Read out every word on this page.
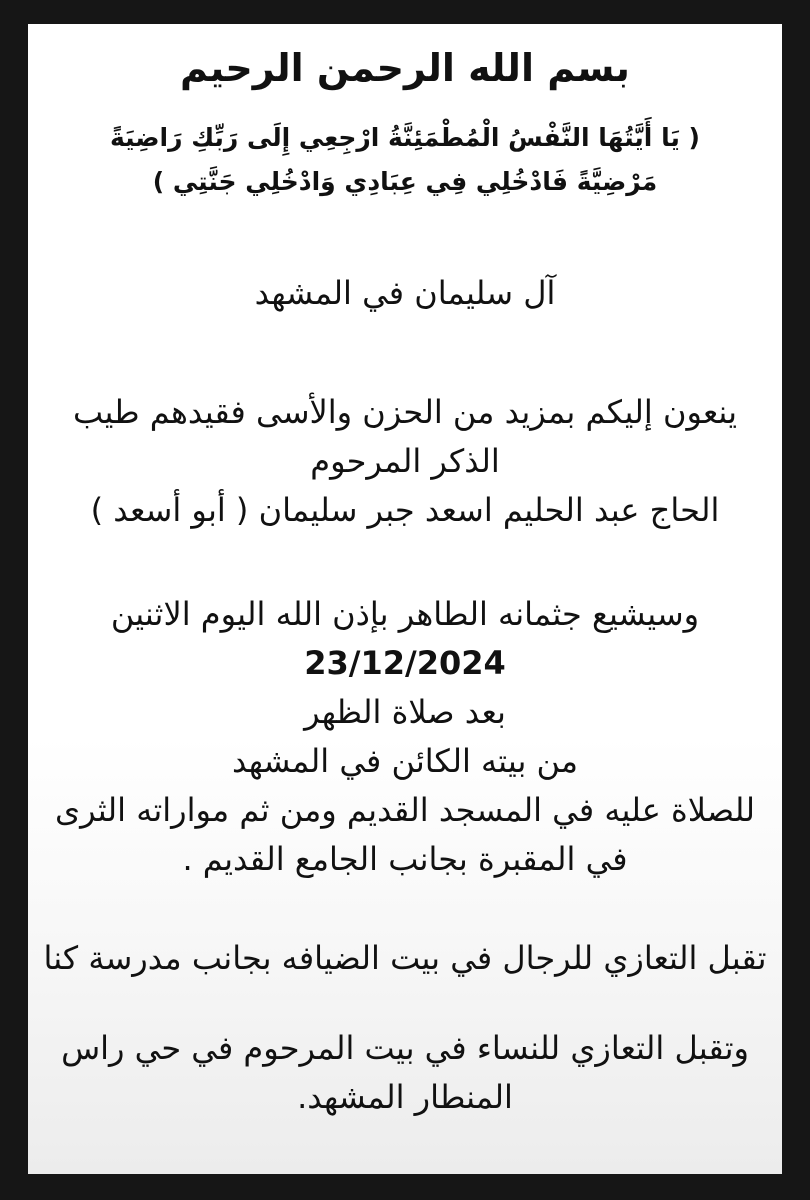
بسم الله الرحمن الرحيم
( يَا أَيَّتُهَا النَّفْسُ الْمُطْمَئِنَّةُ ارْجِعِي إِلَى رَبِّكِ رَاضِيَةً
مَرْضِيَّةً فَادْخُلِي فِي عِبَادِي وَادْخُلِي جَنَّتِي )
آل سليمان في المشهد
ينعون إليكم بمزيد من الحزن والأسى فقيدهم طيب
الذكر المرحوم
الحاج عبد الحليم اسعد جبر سليمان ( أبو أسعد )
وسيشيع جثمانه الطاهر بإذن الله اليوم الاثنين
23/12/2024
بعد صلاة الظهر
من بيته الكائن في المشهد
للصلاة عليه في المسجد القديم ومن ثم مواراته الثرى
في المقبرة بجانب الجامع القديم .
تقبل التعازي للرجال في بيت الضيافه بجانب مدرسة كنا
وتقبل التعازي للنساء في بيت المرحوم في حي راس
المنطار المشهد.
